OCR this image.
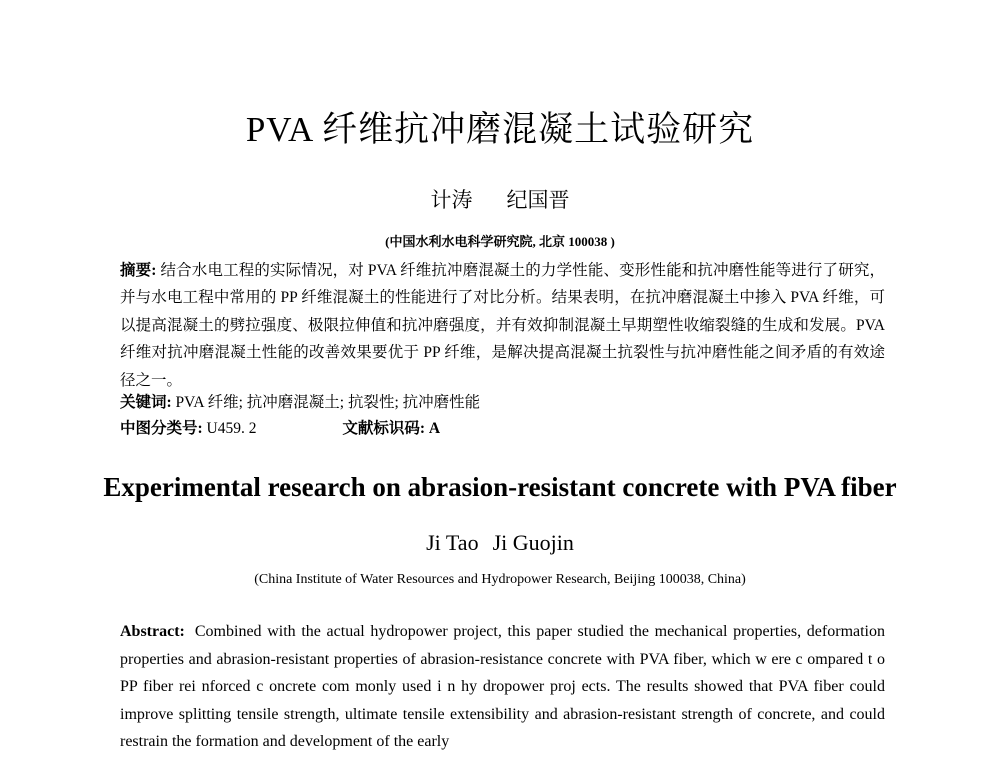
PVA 纤维抗冲磨混凝土试验研究
计涛 纪国晋
(中国水利水电科学研究院, 北京 100038 )
摘要: 结合水电工程的实际情况，对 PVA 纤维抗冲磨混凝土的力学性能、变形性能和抗冲磨性能等进行了研究，并与水电工程中常用的 PP 纤维混凝土的性能进行了对比分析。结果表明，在抗冲磨混凝土中掺入 PVA 纤维，可以提高混凝土的劈拉强度、极限拉伸值和抗冲磨强度，并有效抑制混凝土早期塑性收缩裂缝的生成和发展。PVA 纤维对抗冲磨混凝土性能的改善效果要优于 PP 纤维，是解决提高混凝土抗裂性与抗冲磨性能之间矛盾的有效途径之一。
关键词: PVA 纤维; 抗冲磨混凝土; 抗裂性; 抗冲磨性能
中图分类号: U459. 2	文献标识码: A
Experimental research on abrasion-resistant concrete with PVA fiber
Ji Tao Ji Guojin
(China Institute of Water Resources and Hydropower Research, Beijing 100038, China)
Abstract: Combined with the actual hydropower project, this paper studied the mechanical properties, deformation properties and abrasion-resistant properties of abrasion-resistance concrete with PVA fiber, which w ere c ompared t o PP fiber rei nforced c oncrete com monly used i n hy dropower proj ects. The results showed that PVA fiber could improve splitting tensile strength, ultimate tensile extensibility and abrasion-resistant strength of concrete, and could restrain the formation and development of the early
